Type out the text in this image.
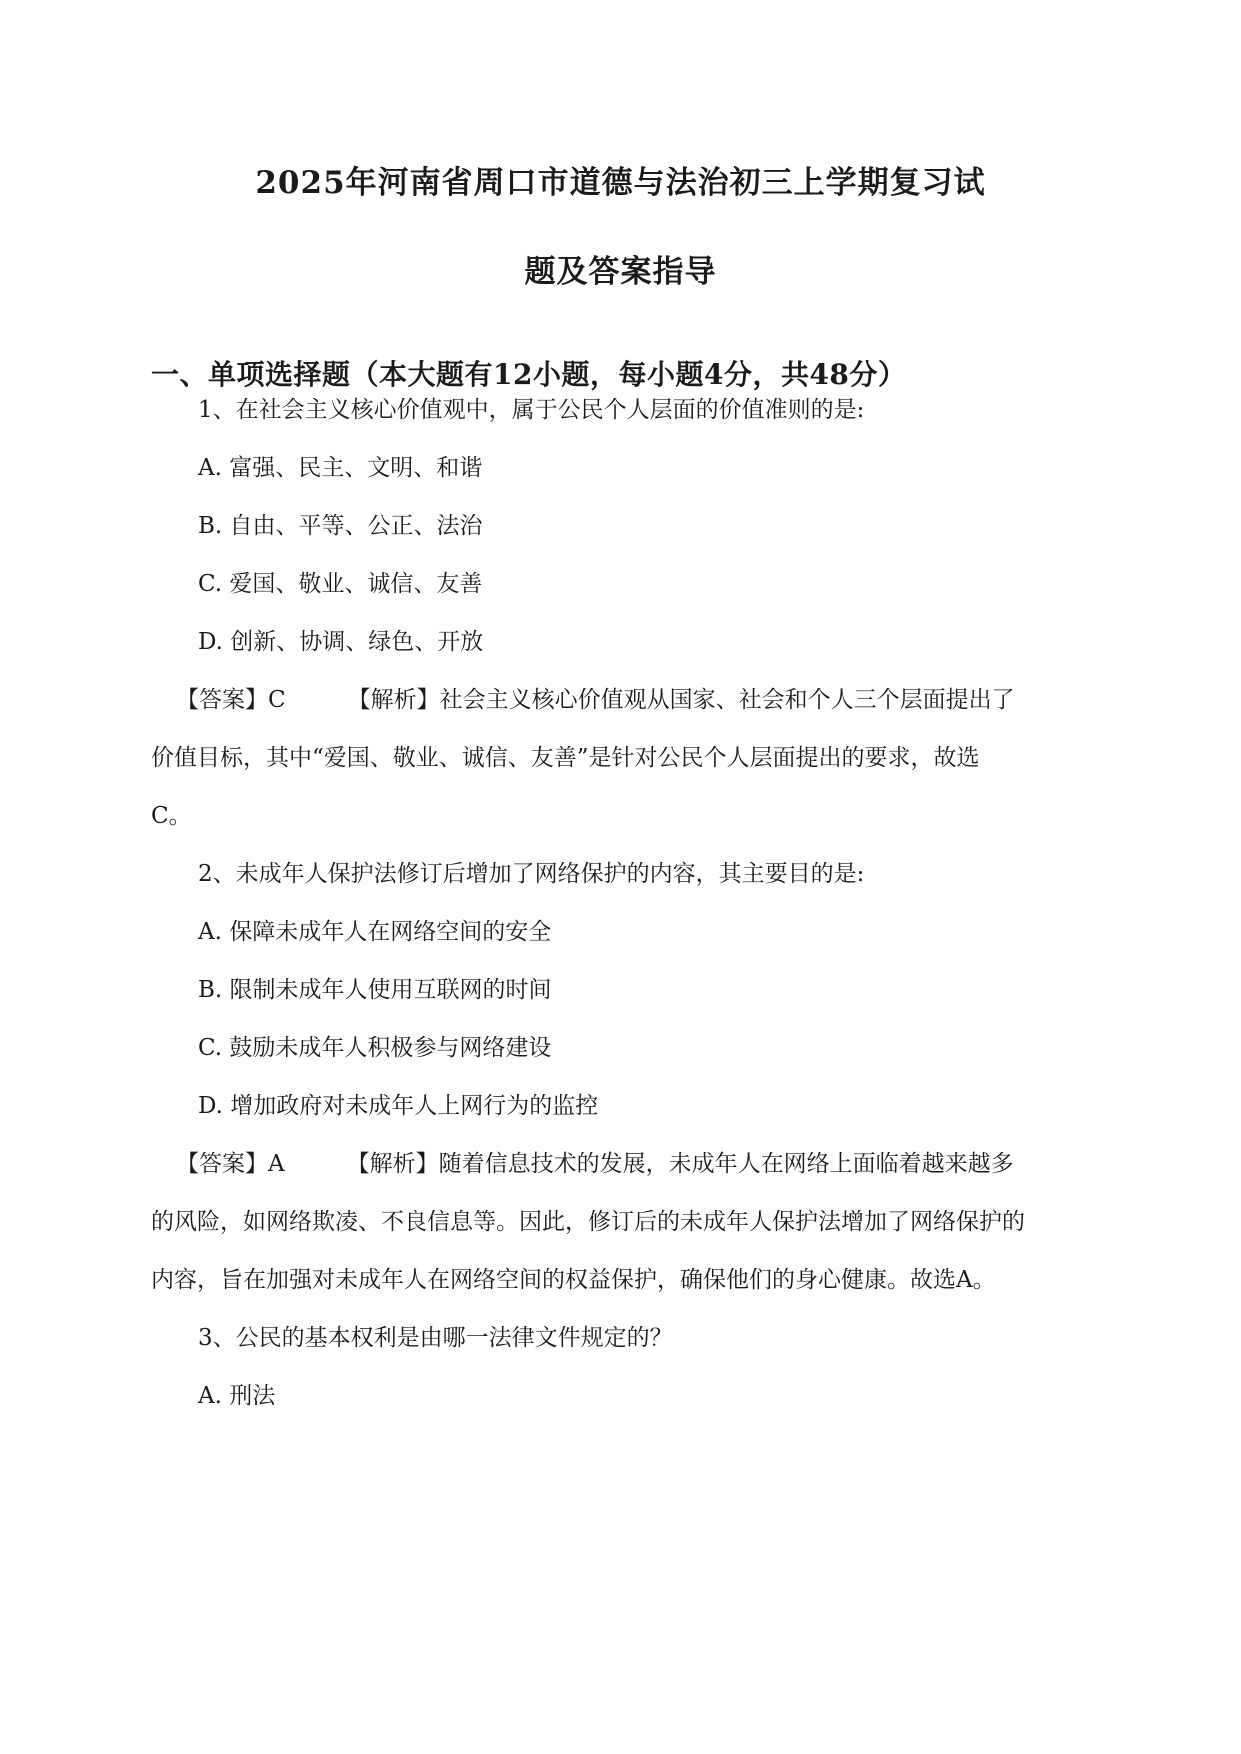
2025年河南省周口市道德与法治初三上学期复习试
题及答案指导
一、单项选择题（本大题有12小题，每小题4分，共48分）
1、在社会主义核心价值观中，属于公民个人层面的价值准则的是:
A. 富强、民主、文明、和谐
B. 自由、平等、公正、法治
C. 爱国、敬业、诚信、友善
D. 创新、协调、绿色、开放
【答案】C	【解析】社会主义核心价值观从国家、社会和个人三个层面提出了
价值目标，其中“爱国、敬业、诚信、友善”是针对公民个人层面提出的要求，故选
C。
2、未成年人保护法修订后增加了网络保护的内容，其主要目的是:
A. 保障未成年人在网络空间的安全
B. 限制未成年人使用互联网的时间
C. 鼓励未成年人积极参与网络建设
D. 增加政府对未成年人上网行为的监控
【答案】A	【解析】随着信息技术的发展，未成年人在网络上面临着越来越多
的风险，如网络欺凌、不良信息等。因此，修订后的未成年人保护法增加了网络保护的
内容，旨在加强对未成年人在网络空间的权益保护，确保他们的身心健康。故选A。
3、公民的基本权利是由哪一法律文件规定的？
A. 刑法
